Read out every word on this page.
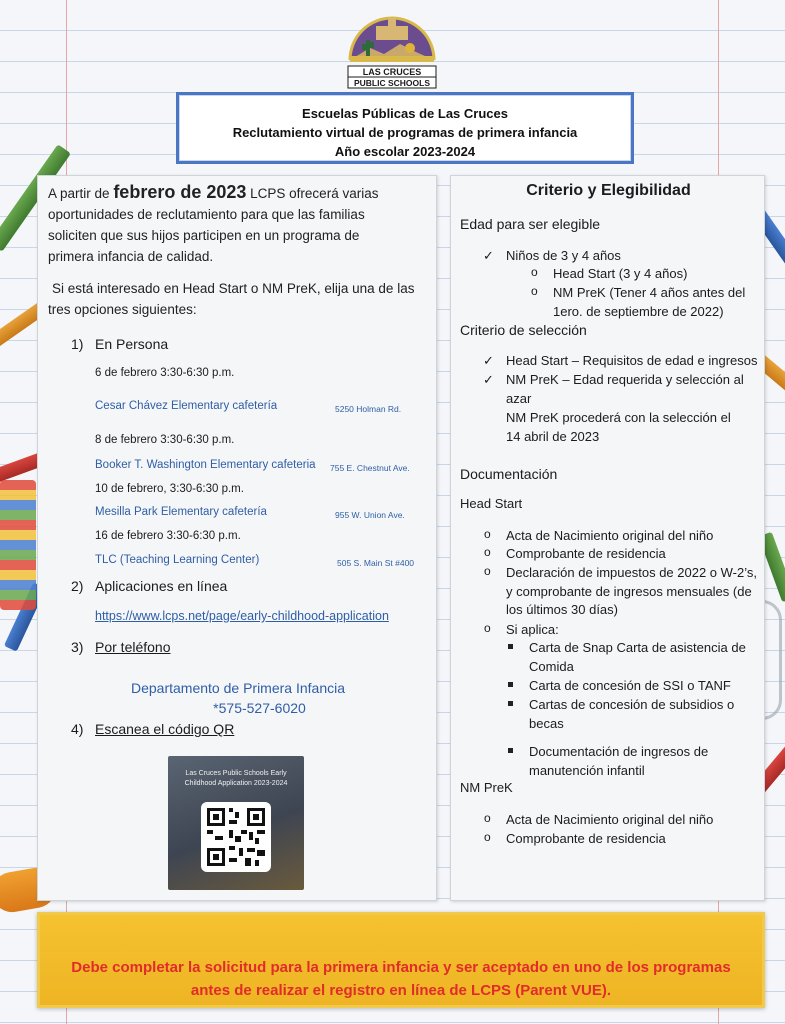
LAS CRUCES
PUBLIC SCHOOLS
Escuelas Públicas de Las Cruces
Reclutamiento virtual de programas de primera infancia
Año escolar 2023-2024
A partir de febrero de 2023 LCPS ofrecerá varias
oportunidades de reclutamiento para que las familias
soliciten que sus hijos participen en un programa de
primera infancia de calidad.
Si está interesado en Head Start o NM PreK, elija una de las
tres opciones siguientes:
1) En Persona
6 de febrero 3:30-6:30 p.m.
Cesar Chávez Elementary cafetería	5250 Holman Rd.
8 de febrero 3:30-6:30 p.m.
Booker T. Washington Elementary cafeteria 755 E. Chestnut Ave.
10 de febrero, 3:30-6:30 p.m.
Mesilla Park Elementary cafetería	955 W. Union Ave.
16 de febrero 3:30-6:30 p.m.
TLC (Teaching Learning Center)	505 S. Main St #400
2) Aplicaciones en línea
https://www.lcps.net/page/early-childhood-application
3) Por teléfono
Departamento de Primera Infancia
*575-527-6020
4) Escanea el código QR
Las Cruces Public Schools Early
Childhood Application 2023-2024
Criterio y Elegibilidad
Edad para ser elegible
✓ Niños de 3 y 4 años
o Head Start (3 y 4 años)
o NM PreK (Tener 4 años antes del
1ero. de septiembre de 2022)
Criterio de selección
✓ Head Start – Requisitos de edad e ingresos
✓ NM PreK – Edad requerida y selección al
azar
NM PreK procederá con la selección el
14 abril de 2023
Documentación
Head Start
o Acta de Nacimiento original del niño
o Comprobante de residencia
o Declaración de impuestos de 2022 o W-2’s,
y comprobante de ingresos mensuales (de
los últimos 30 días)
o Si aplica:
Carta de Snap Carta de asistencia de
Comida
Carta de concesión de SSI o TANF
Cartas de concesión de subsidios o
becas
Documentación de ingresos de
manutención infantil
NM PreK
o Acta de Nacimiento original del niño
o Comprobante de residencia
Debe completar la solicitud para la primera infancia y ser aceptado en uno de los programas
antes de realizar el registro en línea de LCPS (Parent VUE).
